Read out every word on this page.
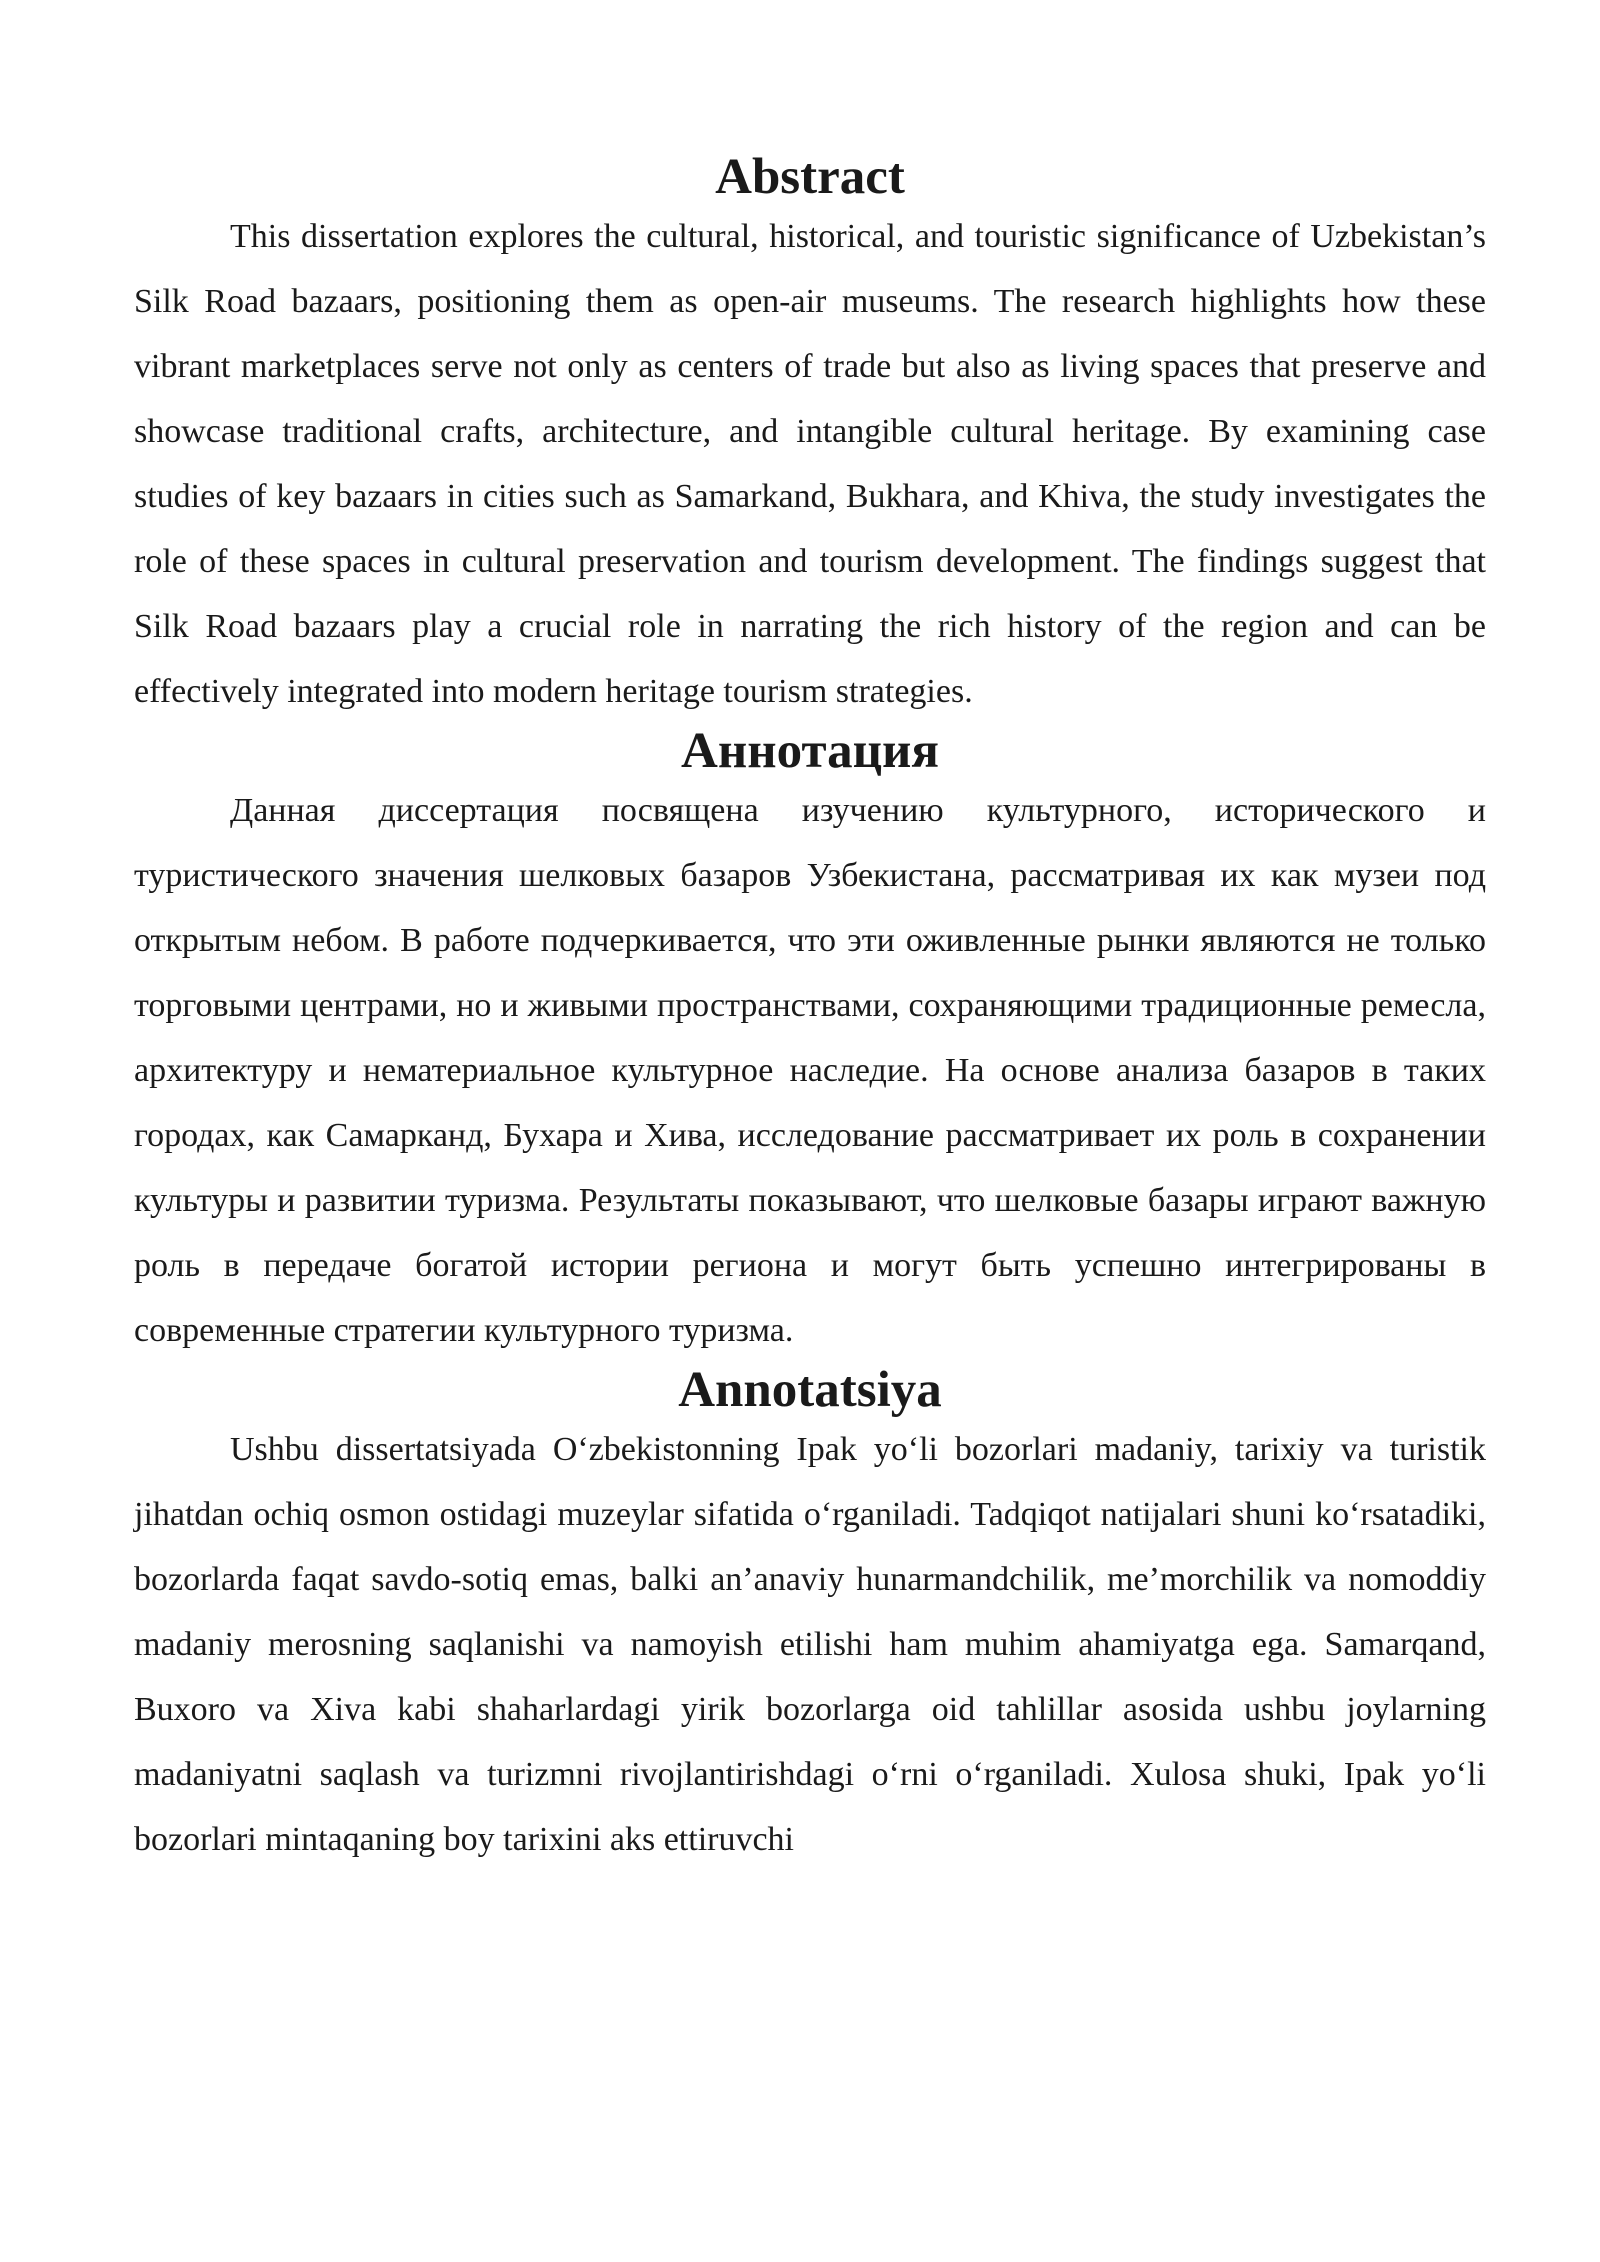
Abstract

This dissertation explores the cultural, historical, and touristic significance of Uzbekistan’s Silk Road bazaars, positioning them as open-air museums. The research highlights how these vibrant marketplaces serve not only as centers of trade but also as living spaces that preserve and showcase traditional crafts, architecture, and intangible cultural heritage. By examining case studies of key bazaars in cities such as Samarkand, Bukhara, and Khiva, the study investigates the role of these spaces in cultural preservation and tourism development. The findings suggest that Silk Road bazaars play a crucial role in narrating the rich history of the region and can be effectively integrated into modern heritage tourism strategies.

Аннотация

Данная диссертация посвящена изучению культурного, исторического и туристического значения шелковых базаров Узбекистана, рассматривая их как музеи под открытым небом. В работе подчеркивается, что эти оживленные рынки являются не только торговыми центрами, но и живыми пространствами, сохраняющими традиционные ремесла, архитектуру и нематериальное культурное наследие. На основе анализа базаров в таких городах, как Самарканд, Бухара и Хива, исследование рассматривает их роль в сохранении культуры и развитии туризма. Результаты показывают, что шелковые базары играют важную роль в передаче богатой истории региона и могут быть успешно интегрированы в современные стратегии культурного туризма.

Annotatsiya

Ushbu dissertatsiyada O‘zbekistonning Ipak yo‘li bozorlari madaniy, tarixiy va turistik jihatdan ochiq osmon ostidagi muzeylar sifatida o‘rganiladi. Tadqiqot natijalari shuni ko‘rsatadiki, bozorlarda faqat savdo-sotiq emas, balki an’anaviy hunarmandchilik, me’morchilik va nomoddiy madaniy merosning saqlanishi va namoyish etilishi ham muhim ahamiyatga ega. Samarqand, Buxoro va Xiva kabi shaharlardagi yirik bozorlarga oid tahlillar asosida ushbu joylarning madaniyatni saqlash va turizmni rivojlantirishdagi o‘rni o‘rganiladi. Xulosa shuki, Ipak yo‘li bozorlari mintaqaning boy tarixini aks ettiruvchi
